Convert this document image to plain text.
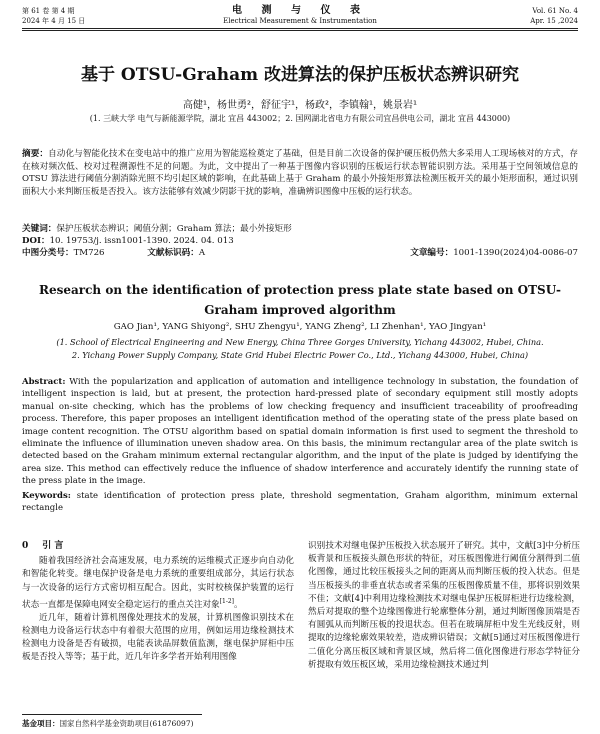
第 61 卷 第 4 期
2024 年 4 月 15 日
电 测 与 仪 表
Electrical Measurement & Instrumentation
Vol. 61 No. 4
Apr. 15 ,2024
基于 OTSU-Graham 改进算法的保护压板状态辨识研究
高健¹，杨世勇²，舒征宇¹，杨政²，李镇翰¹，姚景岩¹
(1. 三峡大学 电气与新能源学院，湖北 宜昌 443002；2. 国网湖北省电力有限公司宜昌供电公司，湖北 宜昌 443000)
摘要：自动化与智能化技术在变电站中的推广应用为智能巡检奠定了基础，但是目前二次设备的保护硬压板仍然大多采用人工现场核对的方式，存在核对频次低、校对过程溯源性不足的问题。为此，文中提出了一种基于图像内容识别的压板运行状态智能识别方法。采用基于空间领域信息的 OTSU 算法进行阈值分割消除光照不均引起区域的影响，在此基础上基于 Graham 的最小外接矩形算法检测压板开关的最小矩形面积，通过识别面积大小来判断压板是否投入。该方法能够有效减少阴影干扰的影响，准确辨识图像中压板的运行状态。
关键词：保护压板状态辨识；阈值分割；Graham 算法；最小外接矩形
DOI：10. 19753/j. issn1001-1390. 2024. 04. 013
中图分类号：TM726	文献标识码：A	文章编号：1001-1390(2024)04-0086-07
Research on the identification of protection press plate state based on OTSU-Graham improved algorithm
GAO Jian¹, YANG Shiyong², SHU Zhengyu¹, YANG Zheng², LI Zhenhan¹, YAO Jingyan¹
(1. School of Electrical Engineering and New Energy, China Three Gorges University, Yichang 443002, Hubei, China.
2. Yichang Power Supply Company, State Grid Hubei Electric Power Co., Ltd., Yichang 443000, Hubei, China)
Abstract: With the popularization and application of automation and intelligence technology in substation, the foundation of intelligent inspection is laid, but at present, the protection hard-pressed plate of secondary equipment still mostly adopts manual on-site checking, which has the problems of low checking frequency and insufficient traceability of proofreading process. Therefore, this paper proposes an intelligent identification method of the operating state of the press plate based on image content recognition. The OTSU algorithm based on spatial domain information is first used to segment the threshold to eliminate the influence of illumination uneven shadow area. On this basis, the minimum rectangular area of the plate switch is detected based on the Graham minimum external rectangular algorithm, and the input of the plate is judged by identifying the area size. This method can effectively reduce the influence of shadow interference and accurately identify the running state of the press plate in the image.
Keywords: state identification of protection press plate, threshold segmentation, Graham algorithm, minimum external rectangle
0 引 言

随着我国经济社会高速发展，电力系统的运维模式正逐步向自动化和智能化转变。继电保护设备是电力系统的重要组成部分，其运行状态与一次设备的运行方式密切相互配合。因此，实时校核保护装置的运行状态一直都是保障电网安全稳定运行的重点关注对象[1-2]。

近几年，随着计算机图像处理技术的发展，计算机图像识别技术在检测电力设备运行状态中有着很大范围的应用，例如运用边缘检测技术检测电力设备是否有破损，电能表读品屏数值监测，继电保护屏柜中压板是否投入等等；基于此，近几年许多学者开始利用图像

识别技术对继电保护压板投入状态展开了研究。其中，文献[3]中分析压板背景和压板接头颜色形状的特征，对压板图像进行阈值分割得到二值化图像，通过比较压板接头之间的距离从而判断压板的投入状态。但是当压板接头的非垂直状态或者采集的压板图像质量不佳，那将识别效果不佳；文献[4]中利用边缘检测技术对继电保护压板屏柜进行边缘检测，然后对提取的整个边缘图像进行轮廓整体分割，通过判断图像顶端是否有圆弧从而判断压板的投退状态。但若在玻璃屏柜中发生光线反射，则提取的边缘轮廓效果较差，造成辨识错误；文献[5]通过对压板图像进行二值化分离压板区域和背景区域，然后将二值化图像进行形态学特征分析提取有效压板区域，采用边缘检测技术通过判

基金项目：国家自然科学基金资助项目(61876097)
